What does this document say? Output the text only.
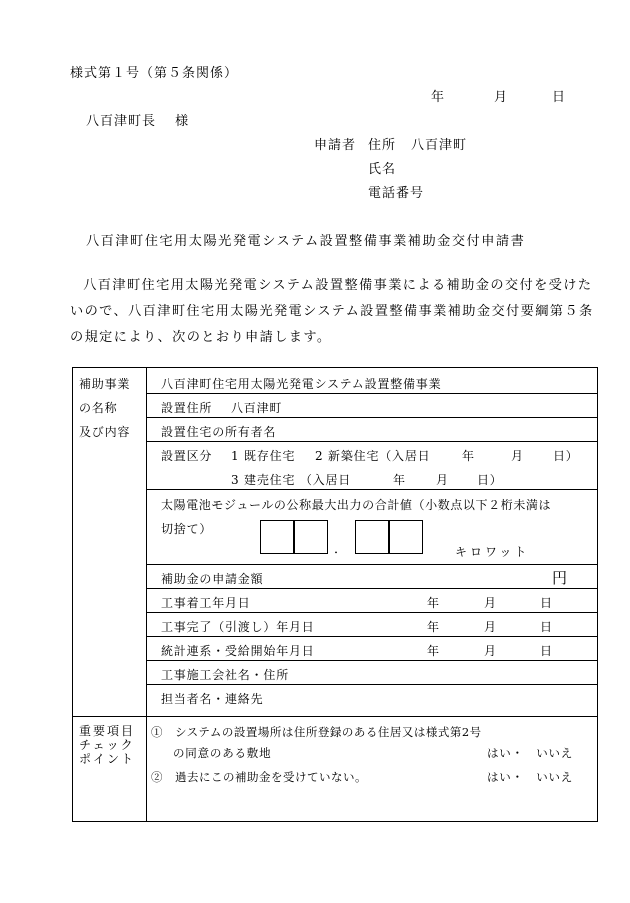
様式第１号（第５条関係）
年	月	日
八百津町長　 様
申請者 住所 八百津町
氏名
電話番号
八百津町住宅用太陽光発電システム設置整備事業補助金交付申請書
八百津町住宅用太陽光発電システム設置整備事業による補助金の交付を受けたいので、八百津町住宅用太陽光発電システム設置整備事業補助金交付要綱第５条の規定により、次のとおり申請します。
補助事業
の名称
及び内容
八百津町住宅用太陽光発電システム設置整備事業
設置住所 八百津町
設置住宅の所有者名
設置区分 1 既存住宅 2 新築住宅（入居日	年	月 日）
3 建売住宅 （入居日	年	月 日）
太陽電池モジュールの公称最大出力の合計値（小数点以下２桁未満は
切捨て）
．	キロワット
補助金の申請金額	円
工事着工年月日	年	月	日
工事完了（引渡し）年月日	年	月	日
統計連系・受給開始年月日	年	月	日
工事施工会社名・住所
担当者名・連絡先
重要項目
チェック
ポイント
①　システムの設置場所は住所登録のある住居又は様式第2号
の同意のある敷地	はい・　いいえ
②　過去にこの補助金を受けていない。	はい・　いいえ
